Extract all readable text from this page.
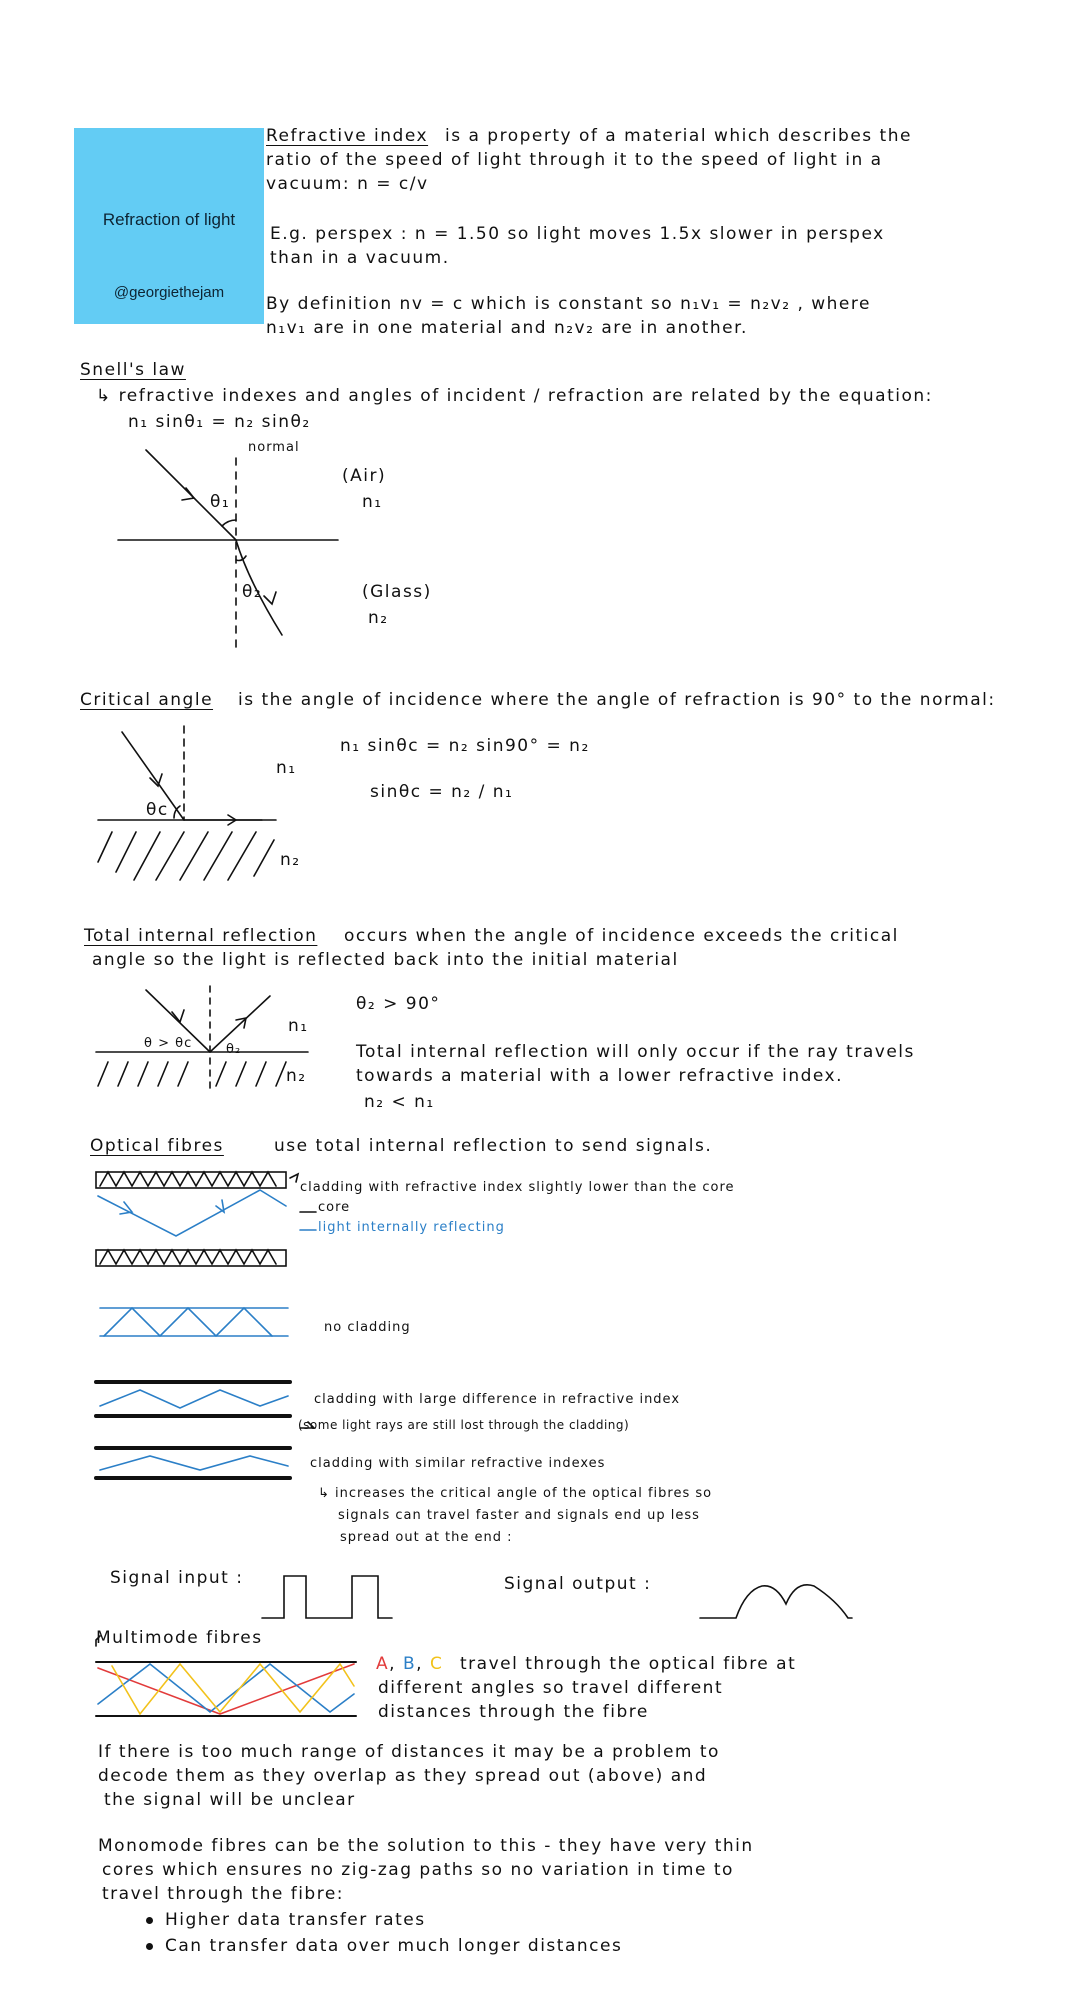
Refraction of light
@georgiethejam
Refractive index is a property of a material which describes the
ratio of the speed of light through it to the speed of light in a
vacuum: n = c/v
E.g. perspex : n = 1.50 so light moves 1.5x slower in perspex
than in a vacuum.
By definition nv = c which is constant so n₁v₁ = n₂v₂ , where
n₁v₁ are in one material and n₂v₂ are in another.
Snell's law
↳ refractive indexes and angles of incident / refraction are related by the equation:
n₁ sinθ₁ = n₂ sinθ₂
normal
θ₁
θ₂
(Air)
n₁
(Glass)
n₂
Critical angle is the angle of incidence where the angle of refraction is 90° to the normal:
n₁ sinθc = n₂ sin90° = n₂
sinθc = n₂ / n₁
n₁
n₂
θc
Total internal reflection occurs when the angle of incidence exceeds the critical
angle so the light is reflected back into the initial material
θ₂ > 90°
Total internal reflection will only occur if the ray travels
towards a material with a lower refractive index.
n₂ < n₁
θ > θc	θ₂
n₁
n₂
Optical fibres	use total internal reflection to send signals.
cladding with refractive index slightly lower than the core
core
light internally reflecting
no cladding
cladding with large difference in refractive index
(some light rays are still lost through the cladding)
cladding with similar refractive indexes
↳ increases the critical angle of the optical fibres so
signals can travel faster and signals end up less
spread out at the end :
Signal input :	Signal output :
Multimode fibres
A, B, C travel through the optical fibre at
different angles so travel different
distances through the fibre
If there is too much range of distances it may be a problem to
decode them as they overlap as they spread out (above) and
the signal will be unclear
Monomode fibres can be the solution to this - they have very thin
cores which ensures no zig-zag paths so no variation in time to
travel through the fibre:
Higher data transfer rates
Can transfer data over much longer distances
